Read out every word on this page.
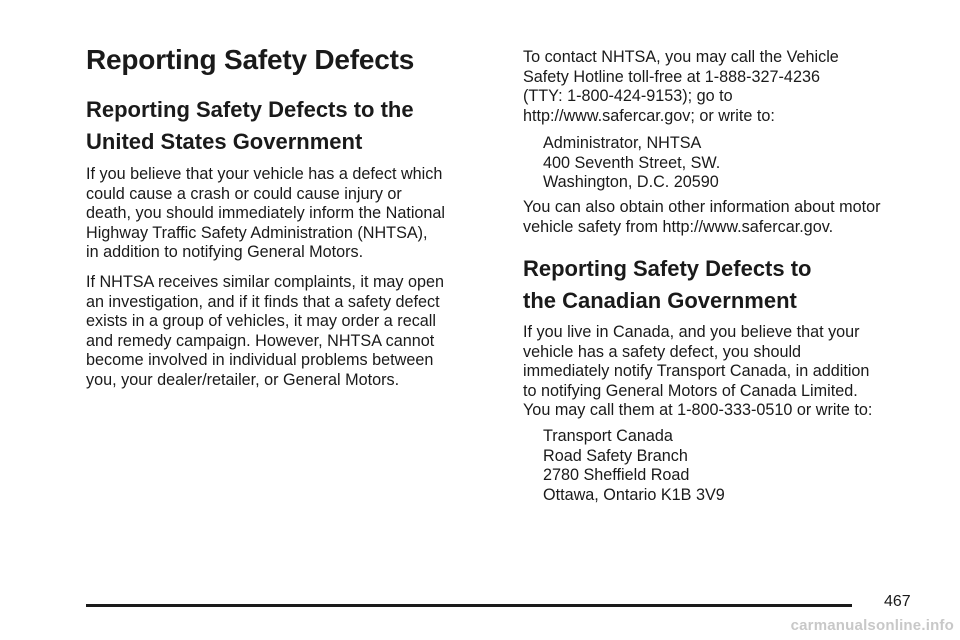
Reporting Safety Defects
Reporting Safety Defects to the
United States Government

If you believe that your vehicle has a defect which
could cause a crash or could cause injury or
death, you should immediately inform the National
Highway Traffic Safety Administration (NHTSA),
in addition to notifying General Motors.

If NHTSA receives similar complaints, it may open
an investigation, and if it finds that a safety defect
exists in a group of vehicles, it may order a recall
and remedy campaign. However, NHTSA cannot
become involved in individual problems between
you, your dealer/retailer, or General Motors.

To contact NHTSA, you may call the Vehicle
Safety Hotline toll-free at 1-888-327-4236
(TTY: 1-800-424-9153); go to
http://www.safercar.gov; or write to:

Administrator, NHTSA
400 Seventh Street, SW.
Washington, D.C. 20590

You can also obtain other information about motor
vehicle safety from http://www.safercar.gov.

Reporting Safety Defects to
the Canadian Government

If you live in Canada, and you believe that your
vehicle has a safety defect, you should
immediately notify Transport Canada, in addition
to notifying General Motors of Canada Limited.
You may call them at 1-800-333-0510 or write to:

Transport Canada
Road Safety Branch
2780 Sheffield Road
Ottawa, Ontario K1B 3V9

467
carmanualsonline.info
